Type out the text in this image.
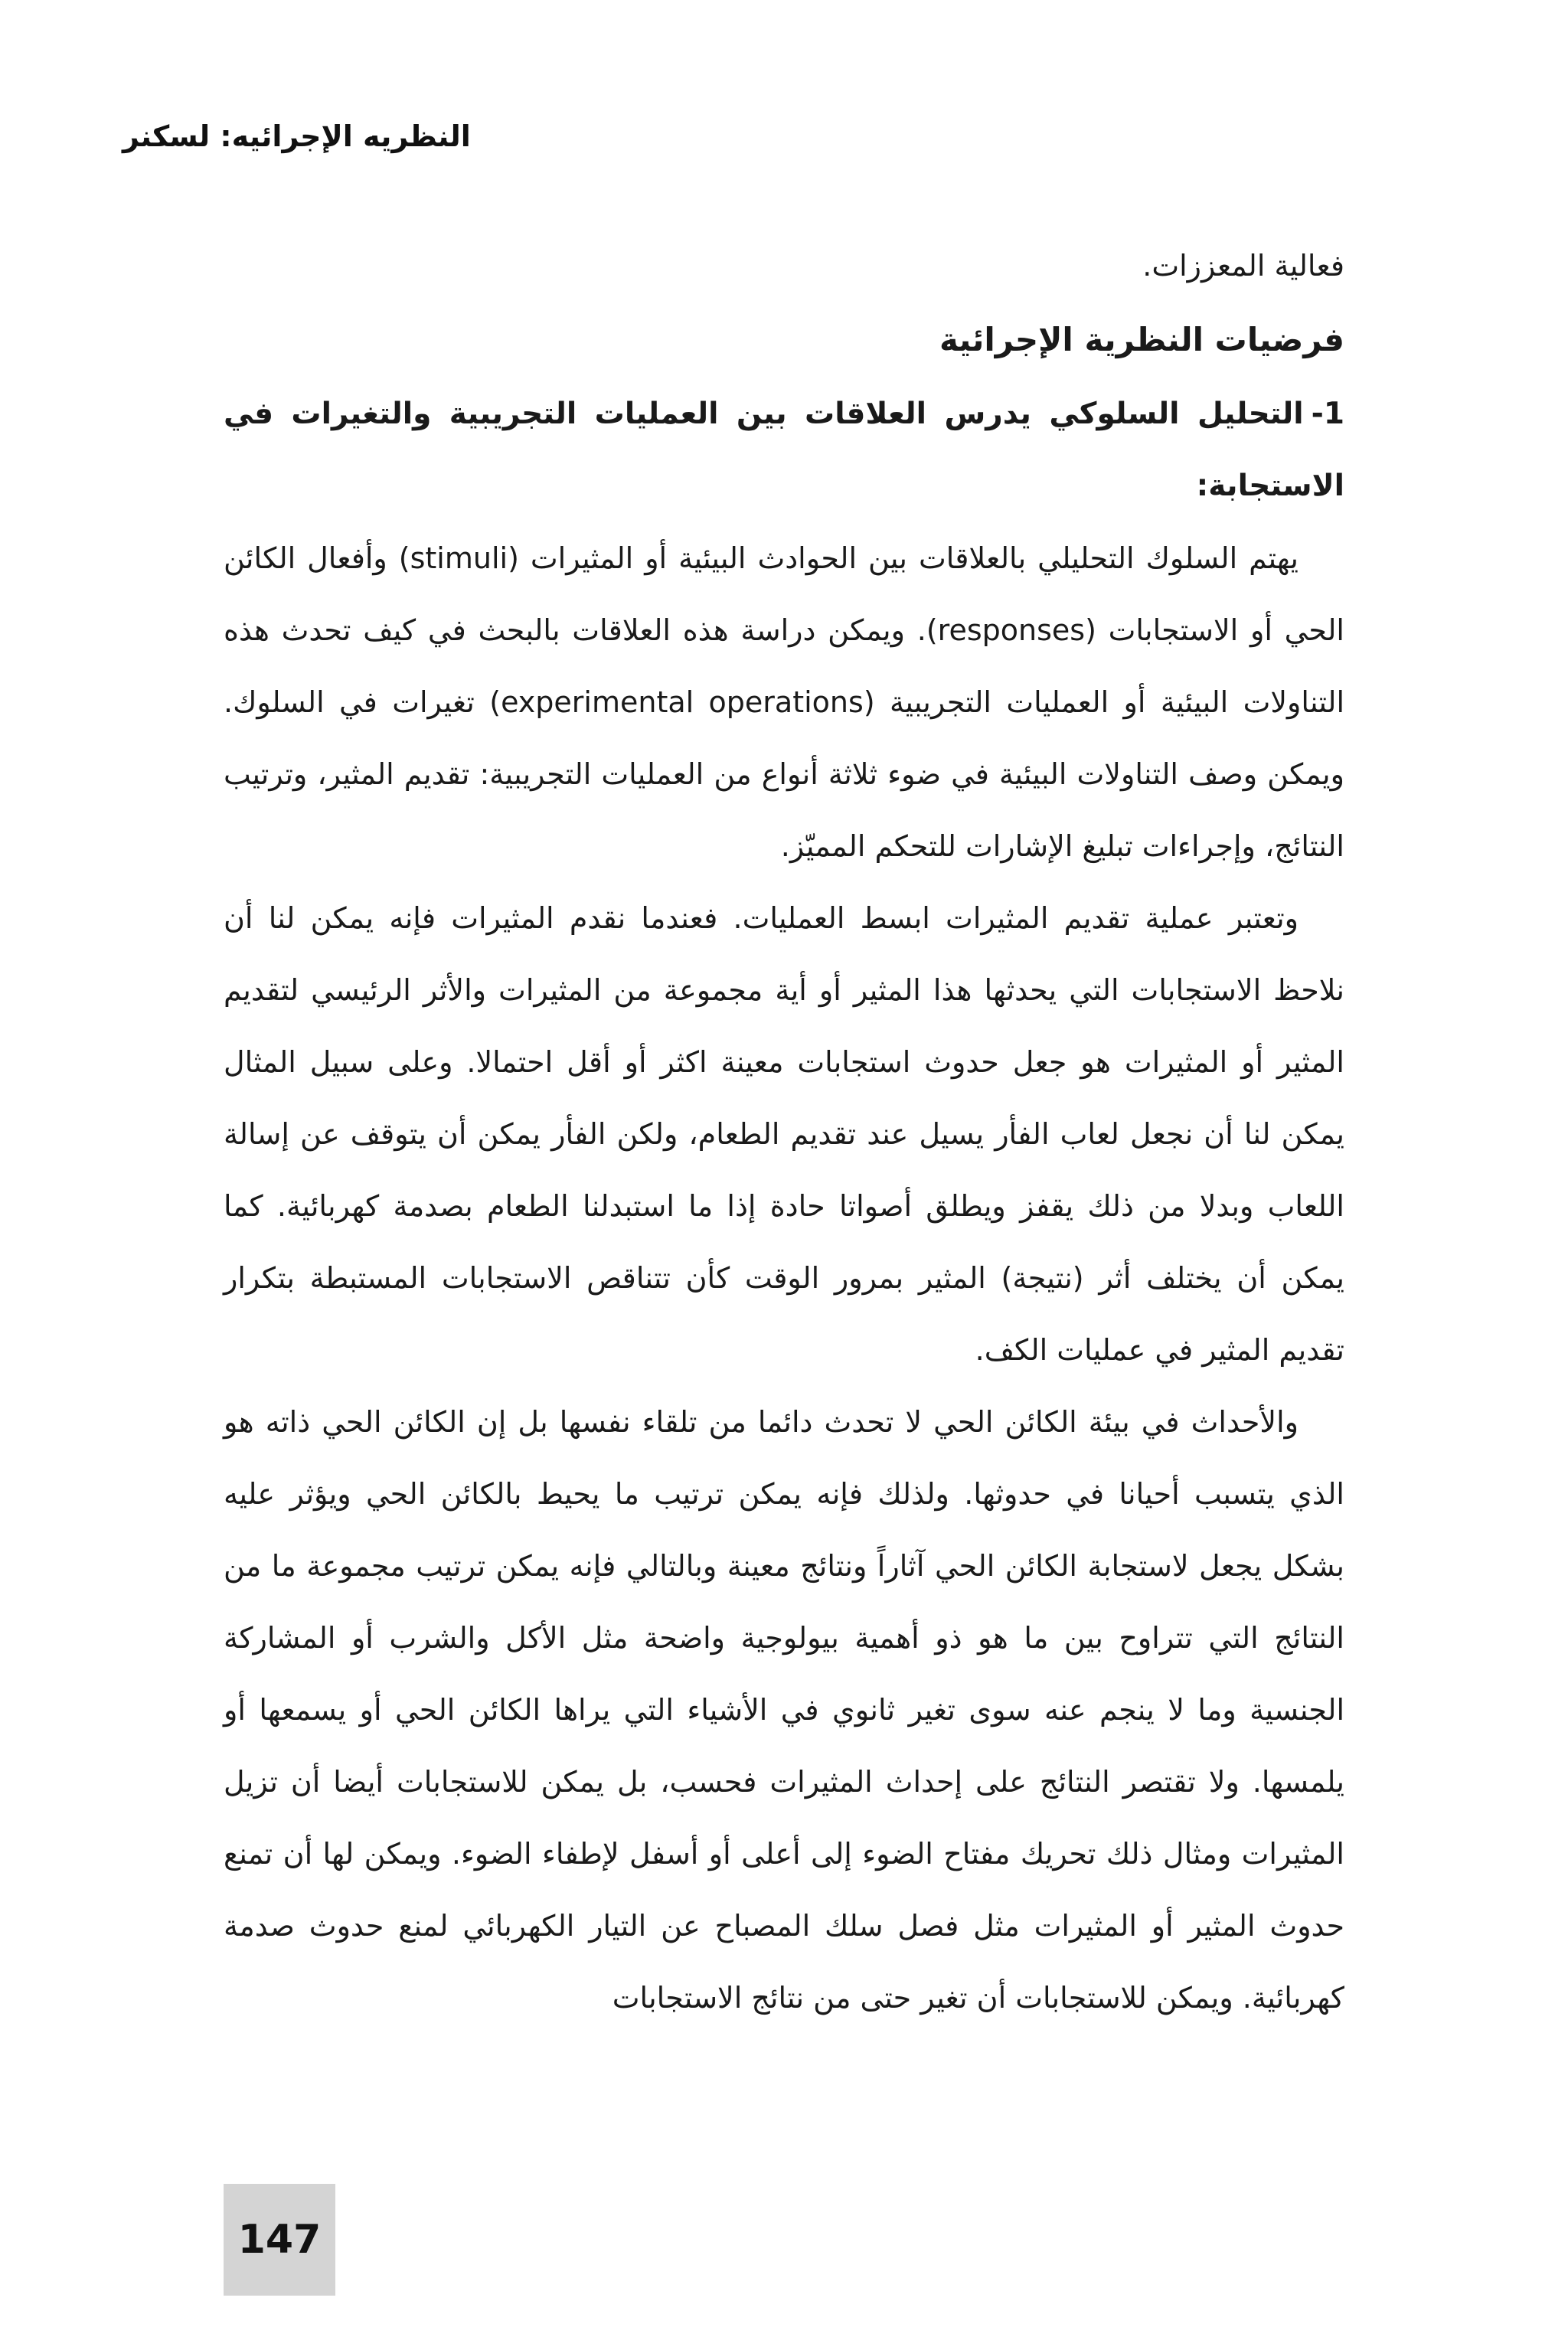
النظريه الإجرائيه: لسكنر

فعالية المعززات.

فرضيات النظرية الإجرائية

1-التحليل السلوكي يدرس العلاقات بين العمليات التجريبية والتغيرات في الاستجابة:

يهتم السلوك التحليلي بالعلاقات بين الحوادث البيئية أو المثيرات (stimuli) وأفعال الكائن الحي أو الاستجابات (responses). ويمكن دراسة هذه العلاقات بالبحث في كيف تحدث هذه التناولات البيئية أو العمليات التجريبية (experimental operations) تغيرات في السلوك. ويمكن وصف التناولات البيئية في ضوء ثلاثة أنواع من العمليات التجريبية: تقديم المثير، وترتيب النتائج، وإجراءات تبليغ الإشارات للتحكم المميّز.

وتعتبر عملية تقديم المثيرات ابسط العمليات. فعندما نقدم المثيرات فإنه يمكن لنا أن نلاحظ الاستجابات التي يحدثها هذا المثير أو أية مجموعة من المثيرات والأثر الرئيسي لتقديم المثير أو المثيرات هو جعل حدوث استجابات معينة اكثر أو أقل احتمالا. وعلى سبيل المثال يمكن لنا أن نجعل لعاب الفأر يسيل عند تقديم الطعام، ولكن الفأر يمكن أن يتوقف عن إسالة اللعاب وبدلا من ذلك يقفز ويطلق أصواتا حادة إذا ما استبدلنا الطعام بصدمة كهربائية. كما يمكن أن يختلف أثر (نتيجة) المثير بمرور الوقت كأن تتناقص الاستجابات المستبطة بتكرار تقديم المثير في عمليات الكف.

والأحداث في بيئة الكائن الحي لا تحدث دائما من تلقاء نفسها بل إن الكائن الحي ذاته هو الذي يتسبب أحيانا في حدوثها. ولذلك فإنه يمكن ترتيب ما يحيط بالكائن الحي ويؤثر عليه بشكل يجعل لاستجابة الكائن الحي آثاراً ونتائج معينة وبالتالي فإنه يمكن ترتيب مجموعة ما من النتائج التي تتراوح بين ما هو ذو أهمية بيولوجية واضحة مثل الأكل والشرب أو المشاركة الجنسية وما لا ينجم عنه سوى تغير ثانوي في الأشياء التي يراها الكائن الحي أو يسمعها أو يلمسها. ولا تقتصر النتائج على إحداث المثيرات فحسب، بل يمكن للاستجابات أيضا أن تزيل المثيرات ومثال ذلك تحريك مفتاح الضوء إلى أعلى أو أسفل لإطفاء الضوء. ويمكن لها أن تمنع حدوث المثير أو المثيرات مثل فصل سلك المصباح عن التيار الكهربائي لمنع حدوث صدمة كهربائية. ويمكن للاستجابات أن تغير حتى من نتائج الاستجابات

147
